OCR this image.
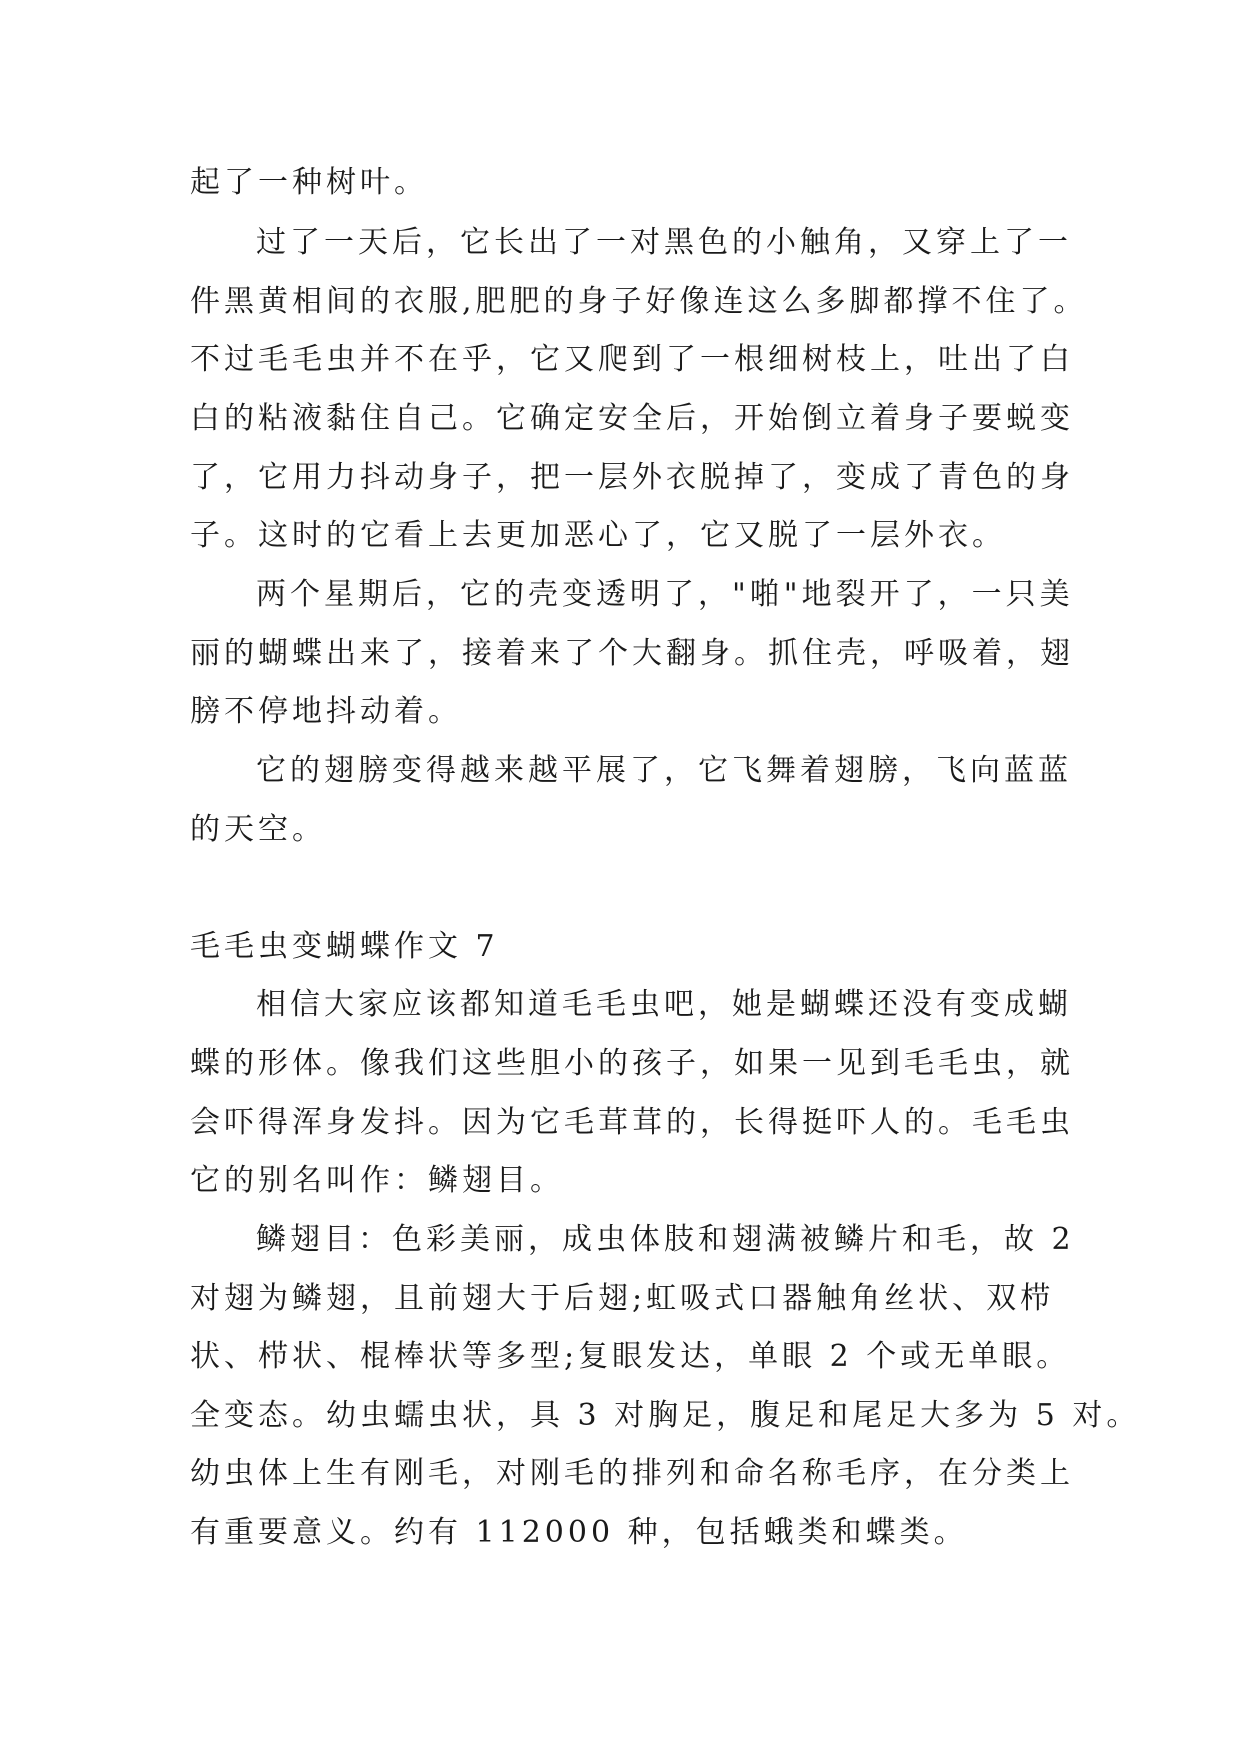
起了一种树叶。

过了一天后，它长出了一对黑色的小触角，又穿上了一

件黑黄相间的衣服,肥肥的身子好像连这么多脚都撑不住了。

不过毛毛虫并不在乎，它又爬到了一根细树枝上，吐出了白

白的粘液黏住自己。它确定安全后，开始倒立着身子要蜕变

了，它用力抖动身子，把一层外衣脱掉了，变成了青色的身

子。这时的它看上去更加恶心了，它又脱了一层外衣。

两个星期后，它的壳变透明了，"啪"地裂开了，一只美

丽的蝴蝶出来了，接着来了个大翻身。抓住壳，呼吸着，翅

膀不停地抖动着。

它的翅膀变得越来越平展了，它飞舞着翅膀，飞向蓝蓝

的天空。

毛毛虫变蝴蝶作文 7

相信大家应该都知道毛毛虫吧，她是蝴蝶还没有变成蝴

蝶的形体。像我们这些胆小的孩子，如果一见到毛毛虫，就

会吓得浑身发抖。因为它毛茸茸的，长得挺吓人的。毛毛虫

它的别名叫作：鳞翅目。

鳞翅目：色彩美丽，成虫体肢和翅满被鳞片和毛，故 2

对翅为鳞翅，且前翅大于后翅;虹吸式口器触角丝状、双栉

状、栉状、棍棒状等多型;复眼发达，单眼 2 个或无单眼。

全变态。幼虫蠕虫状，具 3 对胸足，腹足和尾足大多为 5 对。

幼虫体上生有刚毛，对刚毛的排列和命名称毛序，在分类上

有重要意义。约有 112000 种，包括蛾类和蝶类。
